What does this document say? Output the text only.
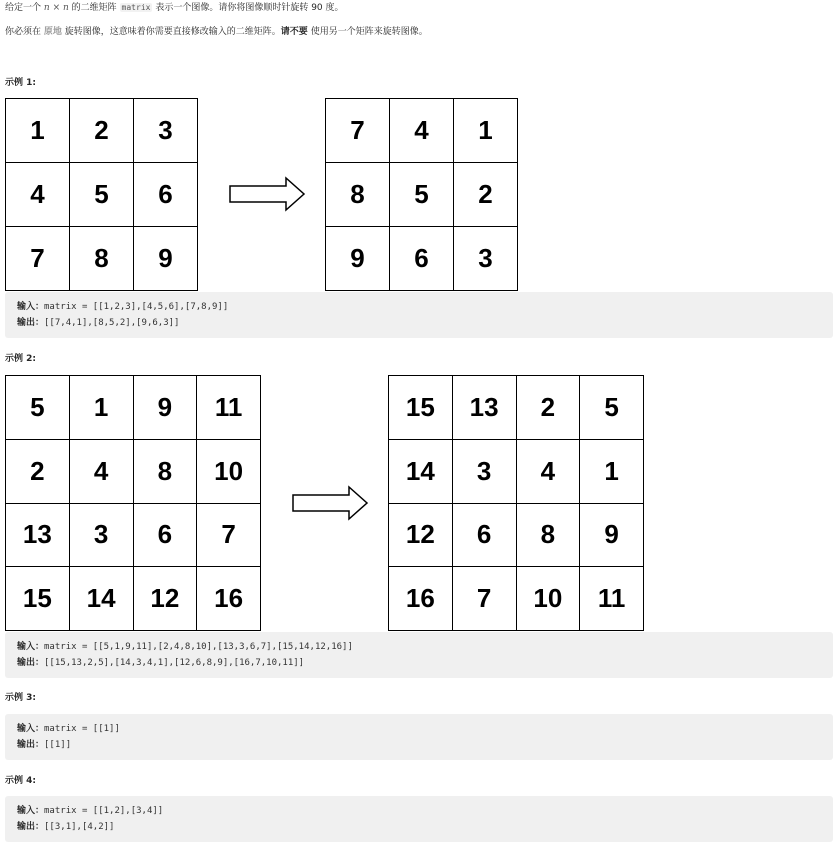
给定一个 n × n 的二维矩阵 matrix 表示一个图像。请你将图像顺时针旋转 90 度。
你必须在 原地 旋转图像，这意味着你需要直接修改输入的二维矩阵。请不要 使用另一个矩阵来旋转图像。
示例 1:
1	2	3
4	5	6
7	8	9
7	4	1
8	5	2
9	6	3
输入：matrix = [[1,2,3],[4,5,6],[7,8,9]]
输出：[[7,4,1],[8,5,2],[9,6,3]]
示例 2:
5	1	9	11
2	4	8	10
13	3	6	7
15	14	12	16
15	13	2	5
14	3	4	1
12	6	8	9
16	7	10	11
输入：matrix = [[5,1,9,11],[2,4,8,10],[13,3,6,7],[15,14,12,16]]
输出：[[15,13,2,5],[14,3,4,1],[12,6,8,9],[16,7,10,11]]
示例 3:
输入：matrix = [[1]]
输出：[[1]]
示例 4:
输入：matrix = [[1,2],[3,4]]
输出：[[3,1],[4,2]]
